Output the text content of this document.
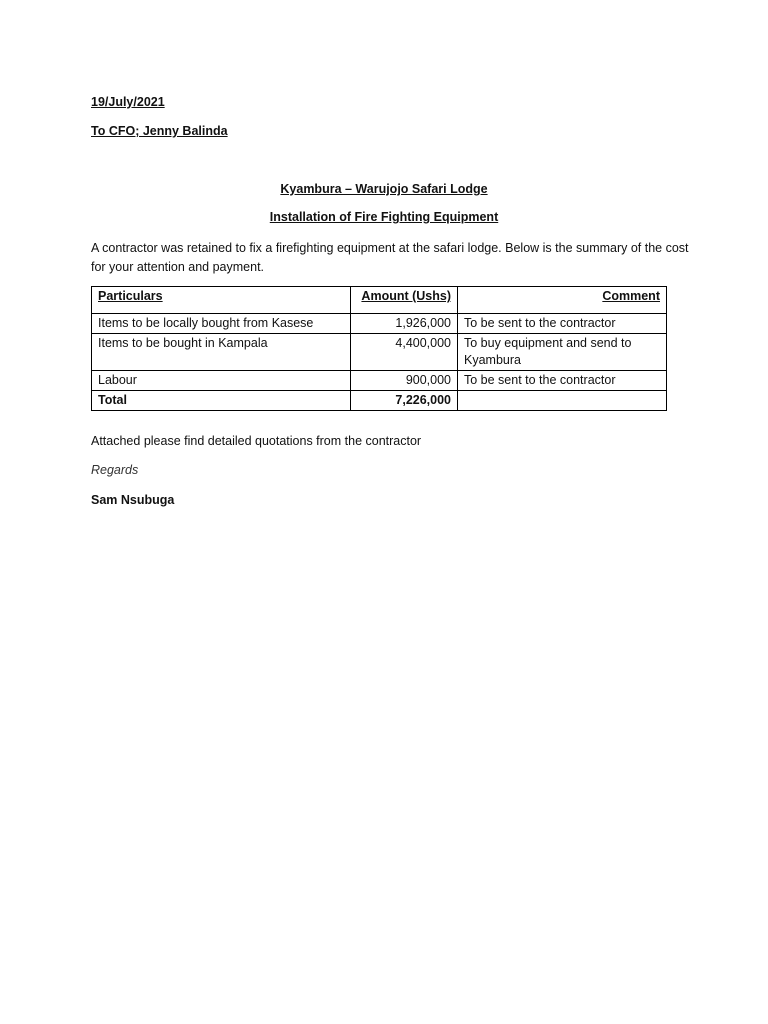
19/July/2021
To CFO; Jenny Balinda
Kyambura – Warujojo Safari Lodge
Installation of Fire Fighting Equipment
A contractor was retained to fix a firefighting equipment at the safari lodge. Below is the summary of the cost for your attention and payment.
Particulars	Amount (Ushs)	Comment
Items to be locally bought from Kasese	1,926,000	To be sent to the contractor
Items to be bought in Kampala	4,400,000	To buy equipment and send to Kyambura
Labour	900,000	To be sent to the contractor
Total	7,226,000	
Attached please find detailed quotations from the contractor
Regards
Sam Nsubuga
